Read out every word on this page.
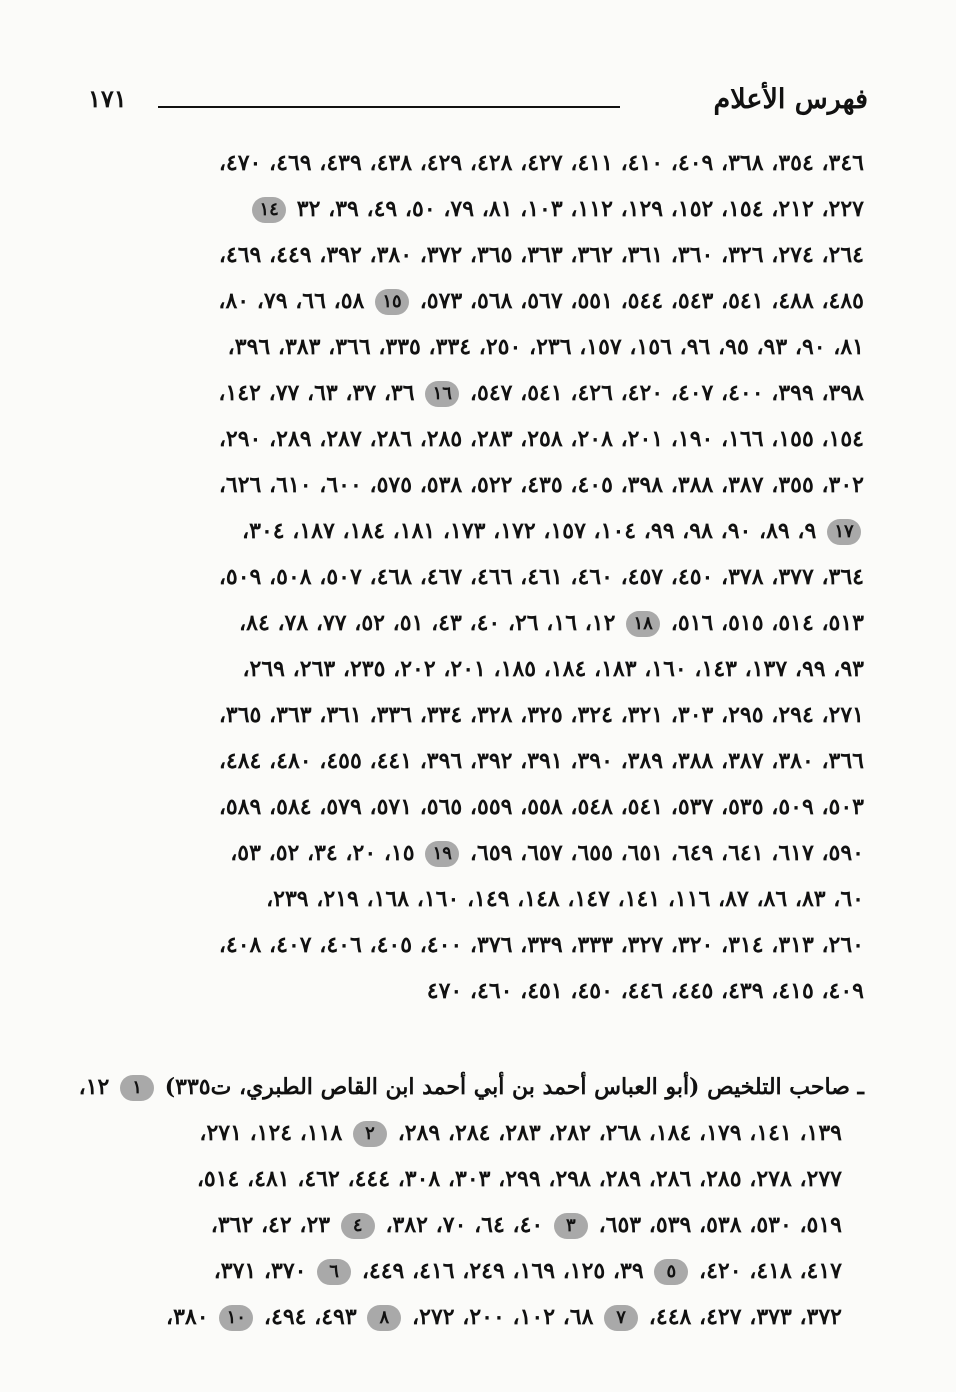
فهرس الأعلام
١٧١
٣٤٦، ٣٥٤، ٣٦٨، ٤٠٩، ٤١٠، ٤١١، ٤٢٧، ٤٢٨، ٤٢٩، ٤٣٨، ٤٣٩، ٤٦٩، ٤٧٠،
٢٢٧، ٢١٢، ١٥٤، ١٥٢، ١٢٩، ١١٢، ١٠٣، ٨١، ٧٩، ٥٠، ٤٩، ٣٩، ٣٢ ١٤
٢٦٤، ٢٧٤، ٣٢٦، ٣٦٠، ٣٦١، ٣٦٢، ٣٦٣، ٣٦٥، ٣٧٢، ٣٨٠، ٣٩٢، ٤٤٩، ٤٦٩،
٤٨٥، ٤٨٨، ٥٤١، ٥٤٣، ٥٤٤، ٥٥١، ٥٦٧، ٥٦٨، ٥٧٣، ١٥ ٥٨، ٦٦، ٧٩، ٨٠،
٨١، ٩٠، ٩٣، ٩٥، ٩٦، ١٥٦، ١٥٧، ٢٣٦، ٢٥٠، ٣٣٤، ٣٣٥، ٣٦٦، ٣٨٣، ٣٩٦،
٣٩٨، ٣٩٩، ٤٠٠، ٤٠٧، ٤٢٠، ٤٢٦، ٥٤١، ٥٤٧، ١٦ ٣٦، ٣٧، ٦٣، ٧٧، ١٤٢،
١٥٤، ١٥٥، ١٦٦، ١٩٠، ٢٠١، ٢٠٨، ٢٥٨، ٢٨٣، ٢٨٥، ٢٨٦، ٢٨٧، ٢٨٩، ٢٩٠،
٣٠٢، ٣٥٥، ٣٨٧، ٣٨٨، ٣٩٨، ٤٠٥، ٤٣٥، ٥٢٢، ٥٣٨، ٥٧٥، ٦٠٠، ٦١٠، ٦٢٦،
١٧ ٩، ٨٩، ٩٠، ٩٨، ٩٩، ١٠٤، ١٥٧، ١٧٢، ١٧٣، ١٨١، ١٨٤، ١٨٧، ٣٠٤،
٣٦٤، ٣٧٧، ٣٧٨، ٤٥٠، ٤٥٧، ٤٦٠، ٤٦١، ٤٦٦، ٤٦٧، ٤٦٨، ٥٠٧، ٥٠٨، ٥٠٩،
٥١٣، ٥١٤، ٥١٥، ٥١٦، ١٨ ١٢، ١٦، ٢٦، ٤٠، ٤٣، ٥١، ٥٢، ٧٧، ٧٨، ٨٤،
٩٣، ٩٩، ١٣٧، ١٤٣، ١٦٠، ١٨٣، ١٨٤، ١٨٥، ٢٠١، ٢٠٢، ٢٣٥، ٢٦٣، ٢٦٩،
٢٧١، ٢٩٤، ٢٩٥، ٣٠٣، ٣٢١، ٣٢٤، ٣٢٥، ٣٢٨، ٣٣٤، ٣٣٦، ٣٦١، ٣٦٣، ٣٦٥،
٣٦٦، ٣٨٠، ٣٨٧، ٣٨٨، ٣٨٩، ٣٩٠، ٣٩١، ٣٩٢، ٣٩٦، ٤٤١، ٤٥٥، ٤٨٠، ٤٨٤،
٥٠٣، ٥٠٩، ٥٣٥، ٥٣٧، ٥٤١، ٥٤٨، ٥٥٨، ٥٥٩، ٥٦٥، ٥٧١، ٥٧٩، ٥٨٤، ٥٨٩،
٥٩٠، ٦١٧، ٦٤١، ٦٤٩، ٦٥١، ٦٥٥، ٦٥٧، ٦٥٩، ١٩ ١٥، ٢٠، ٣٤، ٥٢، ٥٣،
٦٠، ٨٣، ٨٦، ٨٧، ١١٦، ١٤١، ١٤٧، ١٤٨، ١٤٩، ١٦٠، ١٦٨، ٢١٩، ٢٣٩،
٢٦٠، ٣١٣، ٣١٤، ٣٢٠، ٣٢٧، ٣٣٣، ٣٣٩، ٣٧٦، ٤٠٠، ٤٠٥، ٤٠٦، ٤٠٧، ٤٠٨،
٤٠٩، ٤١٥، ٤٣٩، ٤٤٥، ٤٤٦، ٤٥٠، ٤٥١، ٤٦٠، ٤٧٠
ـ صاحب التلخيص (أبو العباس أحمد بن أبي أحمد ابن القاص الطبري، ت٣٣٥) ١ ١٢،
١٣٩، ١٤١، ١٧٩، ١٨٤، ٢٦٨، ٢٨٢، ٢٨٣، ٢٨٤، ٢٨٩، ٢ ١١٨، ١٢٤، ٢٧١،
٢٧٧، ٢٧٨، ٢٨٥، ٢٨٦، ٢٨٩، ٢٩٨، ٢٩٩، ٣٠٣، ٣٠٨، ٤٤٤، ٤٦٢، ٤٨١، ٥١٤،
٥١٩، ٥٣٠، ٥٣٨، ٥٣٩، ٦٥٣، ٣ ٤٠، ٦٤، ٧٠، ٣٨٢، ٤ ٢٣، ٤٢، ٣٦٢،
٤١٧، ٤١٨، ٤٢٠، ٥ ٣٩، ١٢٥، ١٦٩، ٢٤٩، ٤١٦، ٤٤٩، ٦ ٣٧٠، ٣٧١،
٣٧٢، ٣٧٣، ٤٢٧، ٤٤٨، ٧ ٦٨، ١٠٢، ٢٠٠، ٢٧٢، ٨ ٤٩٣، ٤٩٤، ١٠ ٣٨٠،
